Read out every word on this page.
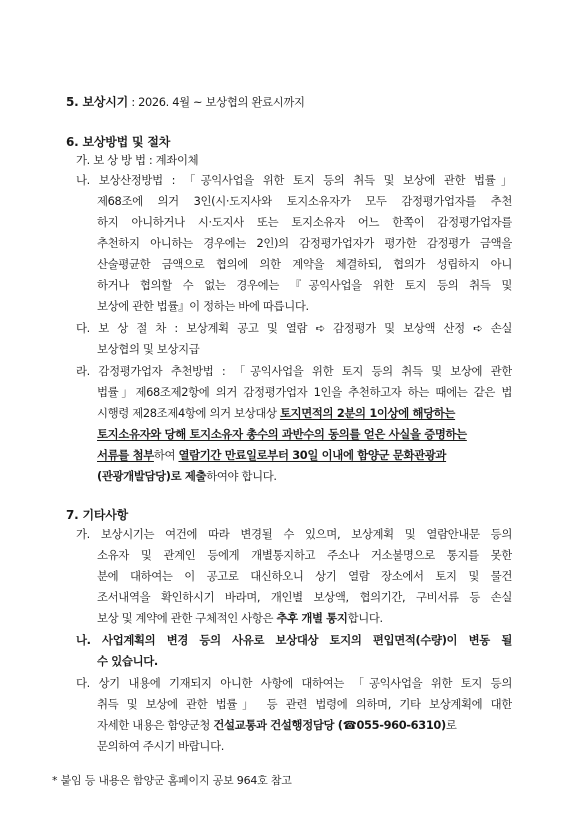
5. 보상시기 : 2026. 4월 ~ 보상협의 완료시까지
6. 보상방법 및 절차
가. 보 상 방 법 : 계좌이체
나. 보상산정방법 : 「공익사업을 위한 토지 등의 취득 및 보상에 관한 법률」
제68조에 의거 3인(시·도지사와 토지소유자가 모두 감정평가업자를 추천
하지 아니하거나 시·도지사 또는 토지소유자 어느 한쪽이 감정평가업자를
추천하지 아니하는 경우에는 2인)의 감정평가업자가 평가한 감정평가 금액을
산술평균한 금액으로 협의에 의한 계약을 체결하되, 협의가 성립하지 아니
하거나 협의할 수 없는 경우에는 『공익사업을 위한 토지 등의 취득 및
보상에 관한 법률』이 정하는 바에 따릅니다.
다. 보 상 절 차 : 보상계획 공고 및 열람 ➪ 감정평가 및 보상액 산정 ➪ 손실
보상협의 및 보상지급
라. 감정평가업자 추천방법 : 「공익사업을 위한 토지 등의 취득 및 보상에 관한
법률」제68조제2항에 의거 감정평가업자 1인을 추천하고자 하는 때에는 같은 법
시행령 제28조제4항에 의거 보상대상 토지면적의 2분의 1이상에 해당하는
토지소유자와 당해 토지소유자 총수의 과반수의 동의를 얻은 사실을 증명하는
서류를 첨부하여 열람기간 만료일로부터 30일 이내에 함양군 문화관광과
(관광개발담당)로 제출하여야 합니다.
7. 기타사항
가. 보상시기는 여건에 따라 변경될 수 있으며, 보상계획 및 열람안내문 등의
소유자 및 관계인 등에게 개별통지하고 주소나 거소불명으로 통지를 못한
분에 대하여는 이 공고로 대신하오니 상기 열람 장소에서 토지 및 물건
조서내역을 확인하시기 바라며, 개인별 보상액, 협의기간, 구비서류 등 손실
보상 및 계약에 관한 구체적인 사항은 추후 개별 통지합니다.
나. 사업계획의 변경 등의 사유로 보상대상 토지의 편입면적(수량)이 변동 될
수 있습니다.
다. 상기 내용에 기재되지 아니한 사항에 대하여는 「공익사업을 위한 토지 등의
취득 및 보상에 관한 법률」 등 관련 법령에 의하며, 기타 보상계획에 대한
자세한 내용은 함양군청 건설교통과 건설행정담당 (☎055-960-6310)로
문의하여 주시기 바랍니다.
* 붙임 등 내용은 함양군 홈페이지 공보 964호 참고
